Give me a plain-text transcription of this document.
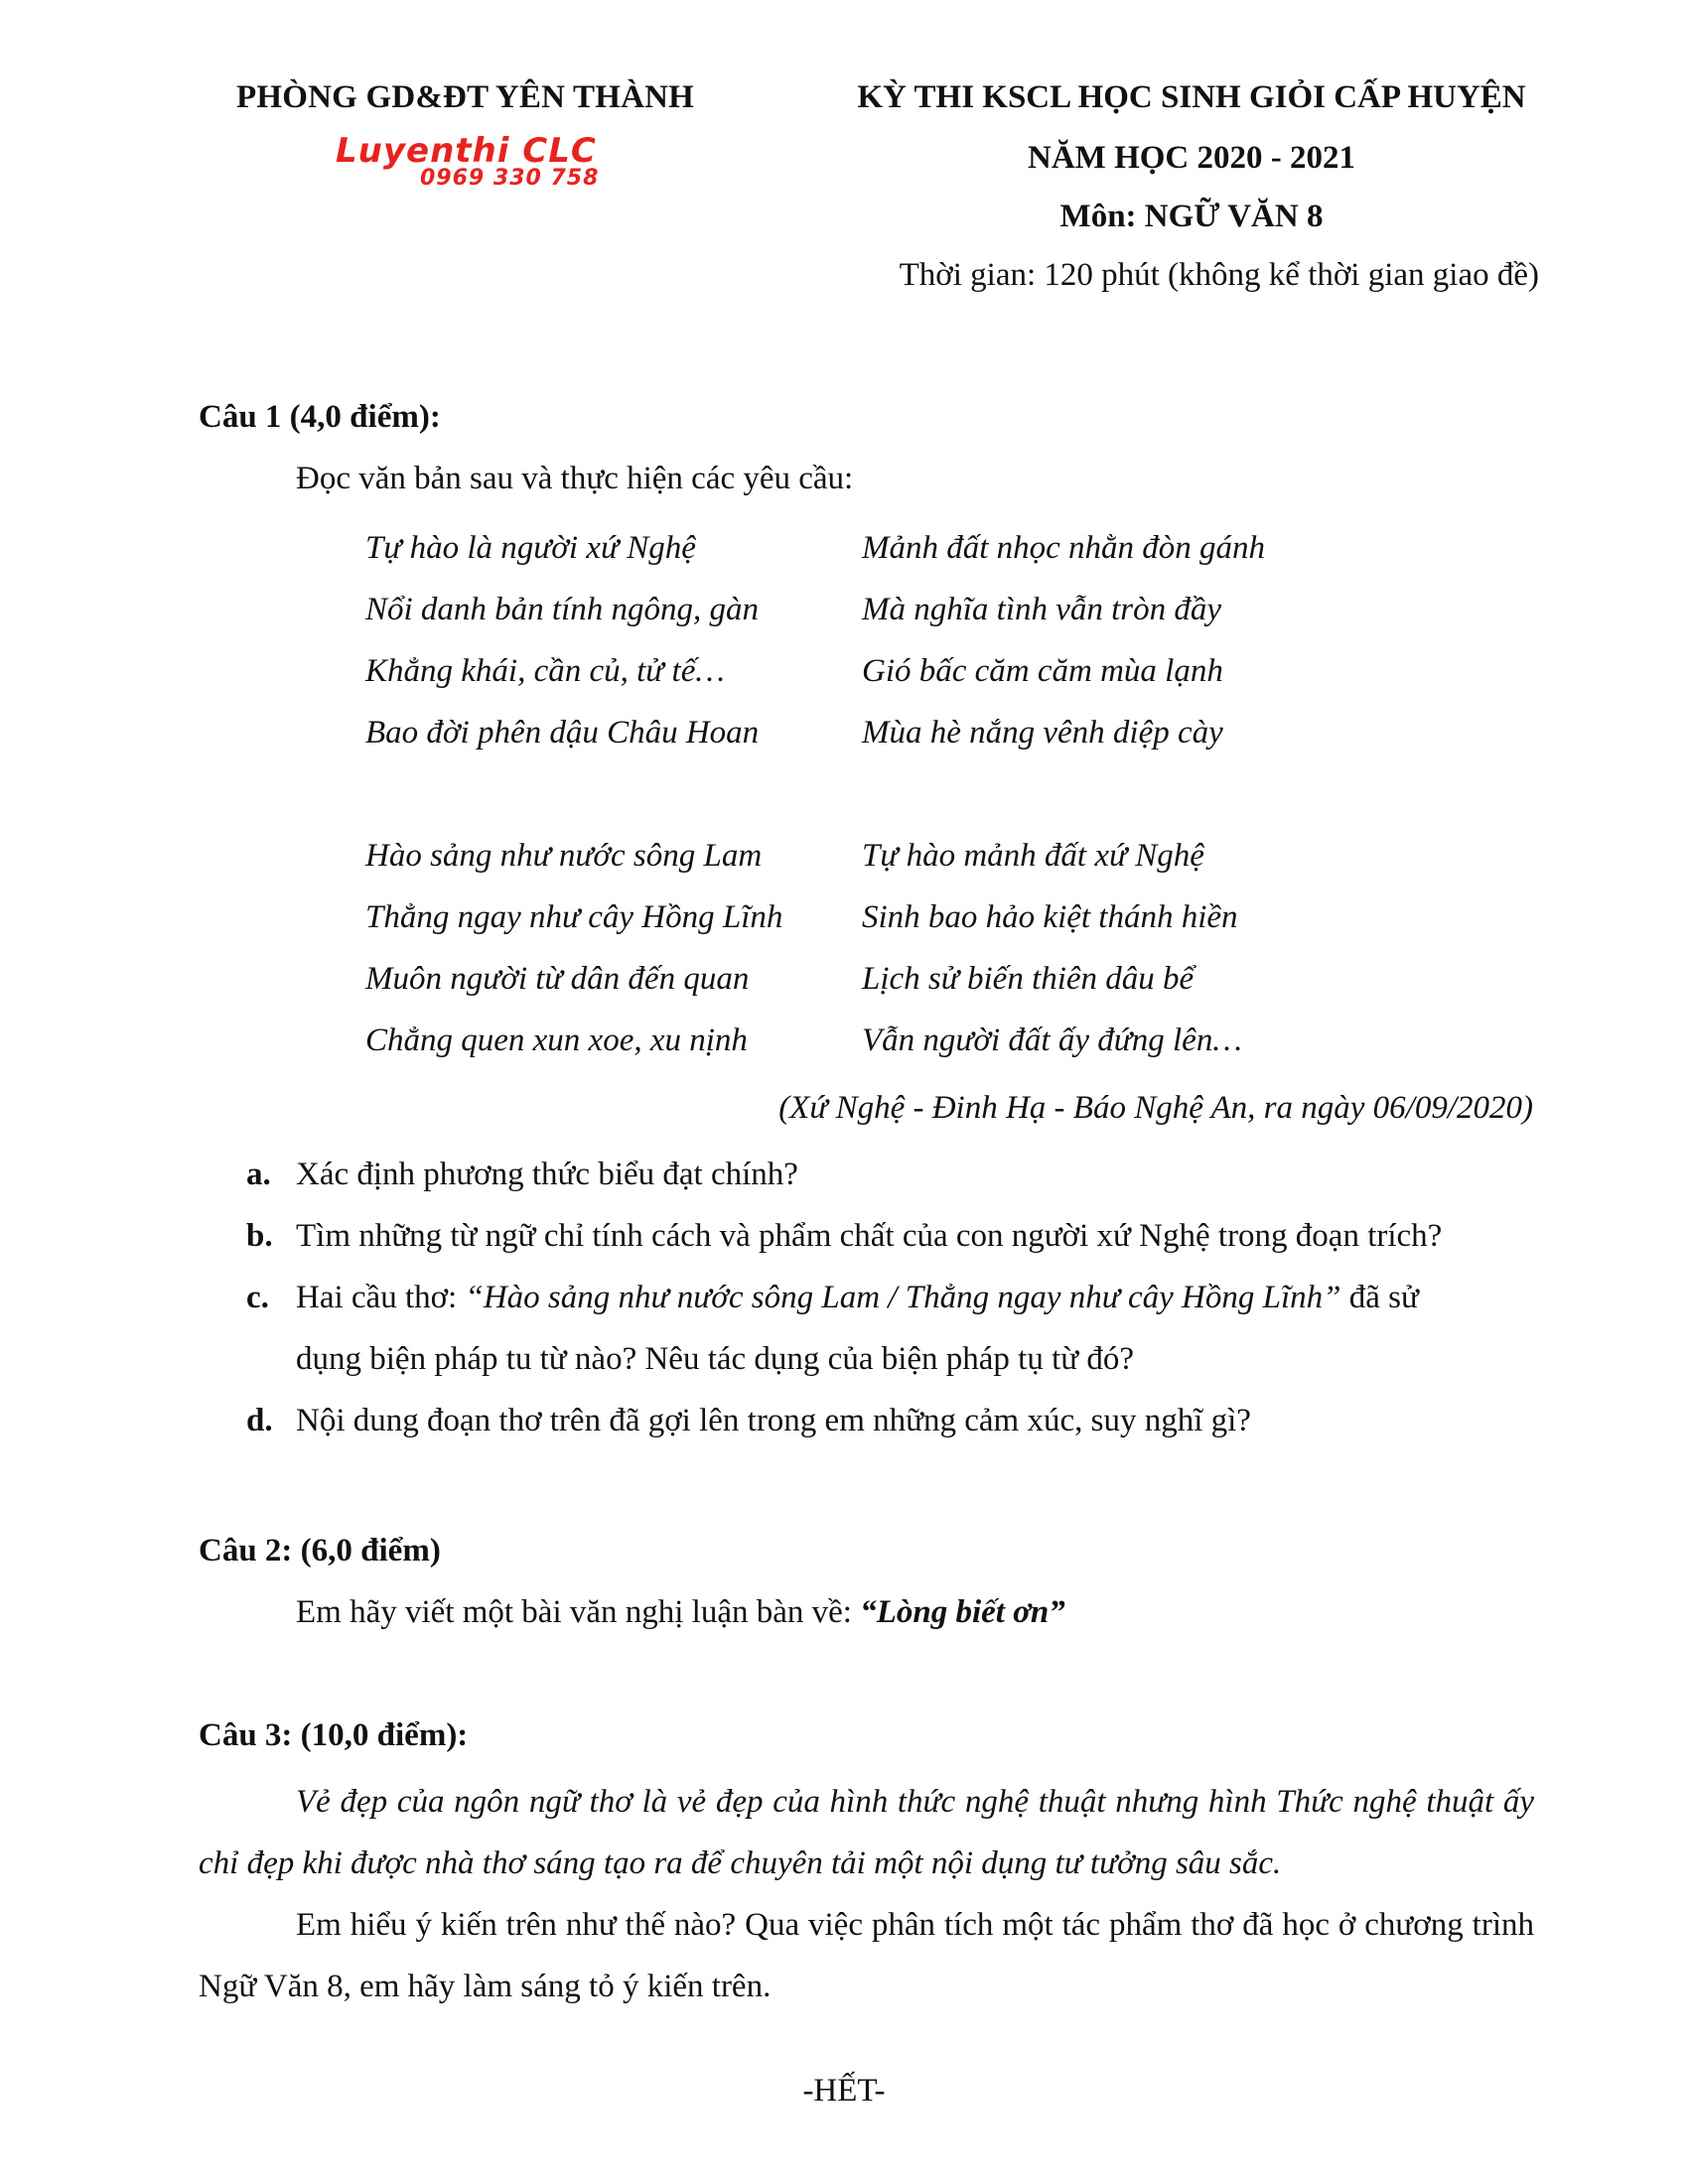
PHÒNG GD&ĐT YÊN THÀNH
Luyenthi CLC
0969 330 758
KỲ THI KSCL HỌC SINH GIỎI CẤP HUYỆN
NĂM HỌC 2020 - 2021
Môn: NGỮ VĂN 8
Thời gian: 120 phút (không kể thời gian giao đề)
Câu 1 (4,0 điểm):
Đọc văn bản sau và thực hiện các yêu cầu:
Tự hào là người xứ Nghệ
Nổi danh bản tính ngông, gàn
Khẳng khái, cần củ, tử tế…
Bao đời phên dậu Châu Hoan
Mảnh đất nhọc nhằn đòn gánh
Mà nghĩa tình vẫn tròn đầy
Gió bấc căm căm mùa lạnh
Mùa hè nắng vênh diệp cày
Hào sảng như nước sông Lam
Thẳng ngay như cây Hồng Lĩnh
Muôn người từ dân đến quan
Chẳng quen xun xoe, xu nịnh
Tự hào mảnh đất xứ Nghệ
Sinh bao hảo kiệt thánh hiền
Lịch sử biến thiên dâu bể
Vẫn người đất ấy đứng lên…
(Xứ Nghệ - Đinh Hạ - Báo Nghệ An, ra ngày 06/09/2020)
a. Xác định phương thức biểu đạt chính?
b. Tìm những từ ngữ chỉ tính cách và phẩm chất của con người xứ Nghệ trong đoạn trích?
c. Hai cầu thơ: “Hào sảng như nước sông Lam / Thẳng ngay như cây Hồng Lĩnh” đã sử dụng biện pháp tu từ nào? Nêu tác dụng của biện pháp tụ từ đó?
d. Nội dung đoạn thơ trên đã gợi lên trong em những cảm xúc, suy nghĩ gì?
Câu 2: (6,0 điểm)
Em hãy viết một bài văn nghị luận bàn về: “Lòng biết ơn”
Câu 3: (10,0 điểm):
Vẻ đẹp của ngôn ngữ thơ là vẻ đẹp của hình thức nghệ thuật nhưng hình Thức nghệ thuật ấy chỉ đẹp khi được nhà thơ sáng tạo ra để chuyên tải một nội dụng tư tưởng sâu sắc.
Em hiểu ý kiến trên như thế nào? Qua việc phân tích một tác phẩm thơ đã học ở chương trình Ngữ Văn 8, em hãy làm sáng tỏ ý kiến trên.
-HẾT-
